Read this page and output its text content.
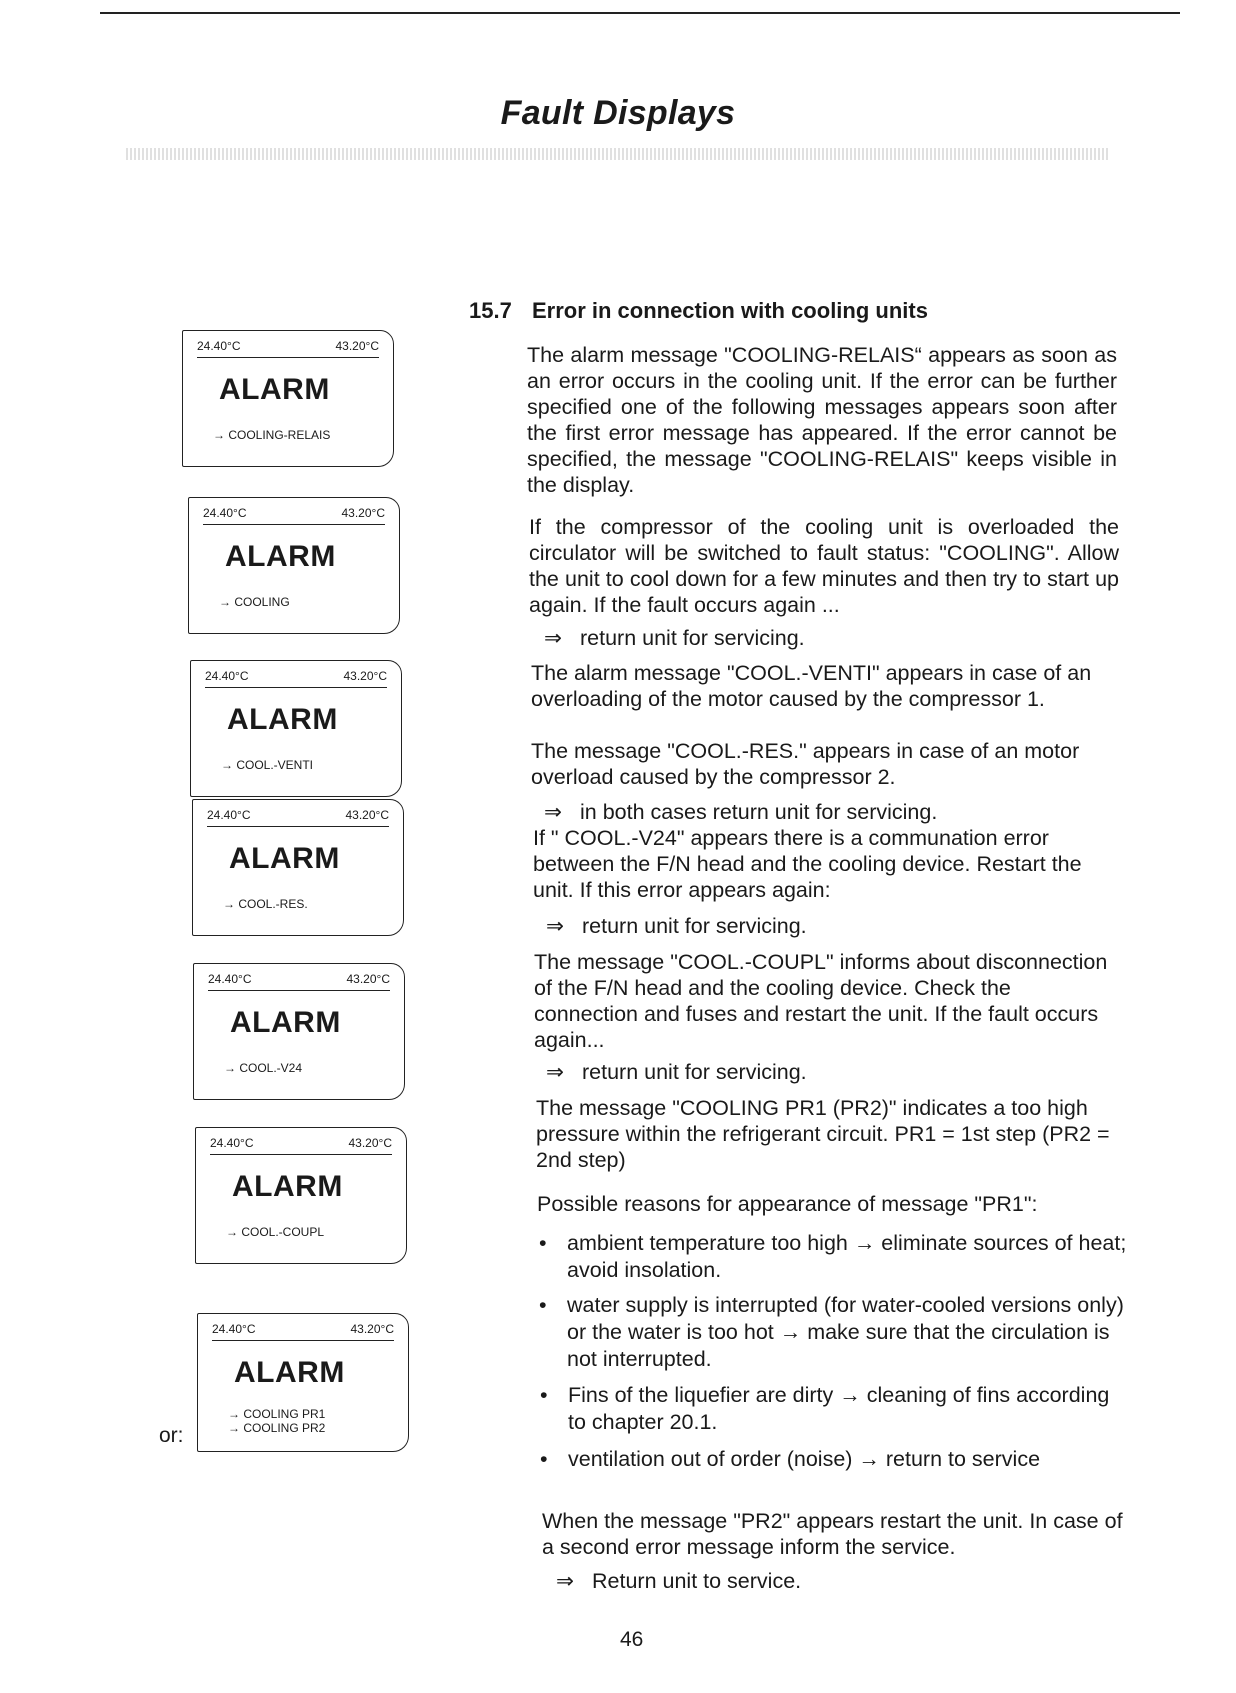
Fault Displays
24.40°C	43.20°C
ALARM
→ COOLING-RELAIS
24.40°C	43.20°C
ALARM
→ COOLING
24.40°C	43.20°C
ALARM
→ COOL.-VENTI
24.40°C	43.20°C
ALARM
→ COOL.-RES.
24.40°C	43.20°C
ALARM
→ COOL.-V24
24.40°C	43.20°C
ALARM
→ COOL.-COUPL
24.40°C	43.20°C
ALARM
→ COOLING PR1
→ COOLING PR2
or:
15.7 Error in connection with cooling units
The alarm message "COOLING-RELAIS“ appears as soon as an error occurs in the cooling unit. If the error can be further specified one of the following messages appears soon after the first error message has appeared. If the error cannot be specified, the message "COOLING-RELAIS" keeps visible in the display.
If the compressor of the cooling unit is overloaded the circulator will be switched to fault status: "COOLING". Allow the unit to cool down for a few minutes and then try to start up again. If the fault occurs again ...
⇒ return unit for servicing.
The alarm message "COOL.-VENTI" appears in case of an overloading of the motor caused by the compressor 1.
The message "COOL.-RES." appears in case of an motor overload caused by the compressor 2.
⇒ in both cases return unit for servicing.
If " COOL.-V24" appears there is a communation error between the F/N head and the cooling device. Restart the unit. If this error appears again:
⇒ return unit for servicing.
The message "COOL.-COUPL" informs about disconnection of the F/N head and the cooling device. Check the connection and fuses and restart the unit. If the fault occurs again...
⇒ return unit for servicing.
The message "COOLING PR1 (PR2)" indicates a too high pressure within the refrigerant circuit. PR1 = 1st step (PR2 = 2nd step)
Possible reasons for appearance of message "PR1":
• ambient temperature too high → eliminate sources of heat; avoid insolation.
• water supply is interrupted (for water-cooled versions only) or the water is too hot → make sure that the circulation is not interrupted.
• Fins of the liquefier are dirty → cleaning of fins according to chapter 20.1.
• ventilation out of order (noise) → return to service
When the message "PR2" appears restart the unit. In case of a second error message inform the service.
⇒ Return unit to service.
46
